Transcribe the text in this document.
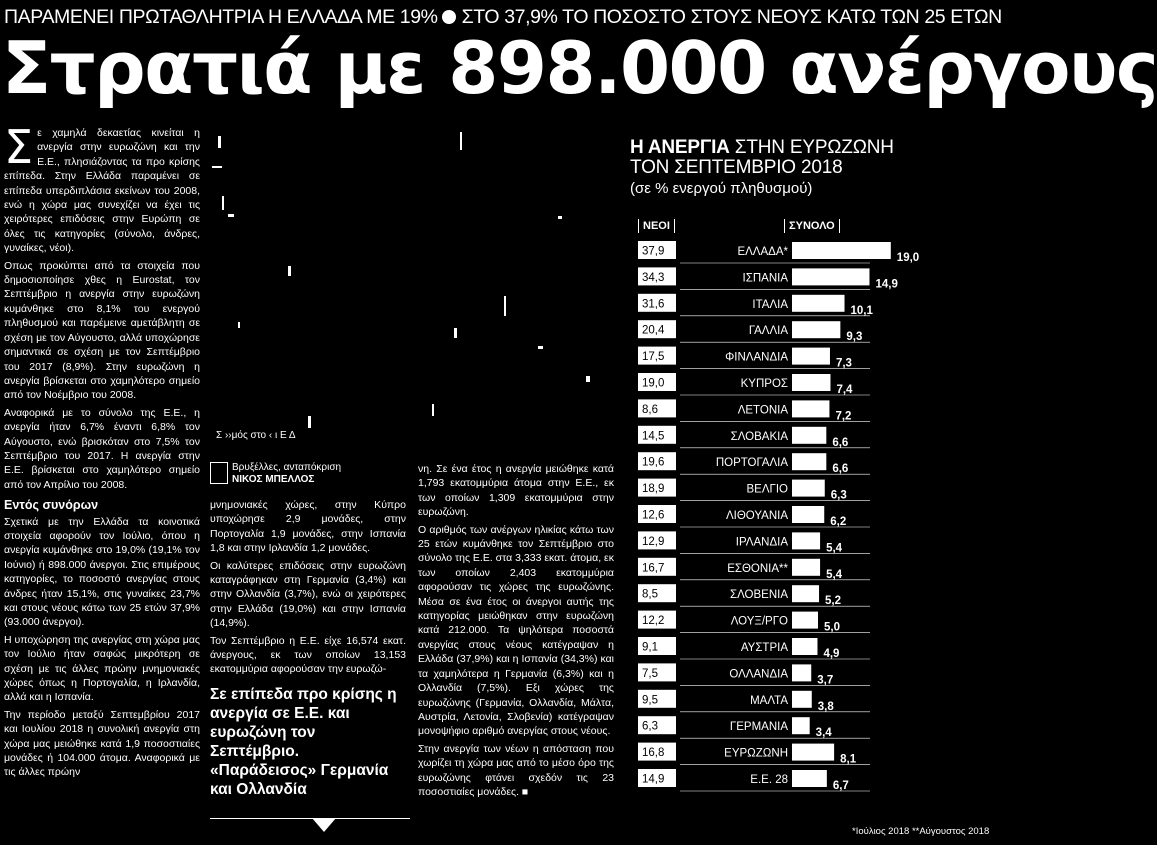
ΠΑΡΑΜΕΝΕΙ ΠΡΩΤΑΘΛΗΤΡΙΑ Η ΕΛΛΑΔΑ ΜΕ 19% ΣΤΟ 37,9% ΤΟ ΠΟΣΟΣΤΟ ΣΤΟΥΣ ΝΕΟΥΣ ΚΑΤΩ ΤΩΝ 25 ΕΤΩΝ
Στρατιά με 898.000 ανέργους
Σ ε χαμηλά δεκαετίας κινείται η ανεργία στην ευρωζώνη και την Ε.Ε., πλησιάζοντας τα προ κρίσης επίπεδα. Στην Ελλάδα παραμένει σε επίπεδα υπερδιπλάσια εκείνων του 2008, ενώ η χώρα μας συνεχίζει να έχει τις χειρότερες επιδόσεις στην Ευρώπη σε όλες τις κατηγορίες (σύνολο, άνδρες, γυναίκες, νέοι).

Οπως προκύπτει από τα στοιχεία που δημοσιοποίησε χθες η Eurostat, τον Σεπτέμβριο η ανεργία στην ευρωζώνη κυμάνθηκε στο 8,1% του ενεργού πληθυσμού και παρέμεινε αμετάβλητη σε σχέση με τον Αύγουστο, αλλά υποχώρησε σημαντικά σε σχέση με τον Σεπτέμβριο του 2017 (8,9%). Στην ευρωζώνη η ανεργία βρίσκεται στο χαμηλότερο σημείο από τον Νοέμβριο του 2008.

Αναφορικά με το σύνολο της Ε.Ε., η ανεργία ήταν 6,7% έναντι 6,8% τον Αύγουστο, ενώ βρισκόταν στο 7,5% τον Σεπτέμβριο του 2017. Η ανεργία στην Ε.Ε. βρίσκεται στο χαμηλότερο σημείο από τον Απρίλιο του 2008.

Εντός συνόρων

Σχετικά με την Ελλάδα τα κοινοτικά στοιχεία αφορούν τον Ιούλιο, όπου η ανεργία κυμάνθηκε στο 19,0% (19,1% τον Ιούνιο) ή 898.000 άνεργοι. Στις επιμέρους κατηγορίες, το ποσοστό ανεργίας στους άνδρες ήταν 15,1%, στις γυναίκες 23,7% και στους νέους κάτω των 25 ετών 37,9% (93.000 άνεργοι).

Η υποχώρηση της ανεργίας στη χώρα μας τον Ιούλιο ήταν σαφώς μικρότερη σε σχέση με τις άλλες πρώην μνημονιακές χώρες όπως η Πορτογαλία, η Ιρλανδία, αλλά και η Ισπανία.

Την περίοδο μεταξύ Σεπτεμβρίου 2017 και Ιουλίου 2018 η συνολική ανεργία στη χώρα μας μειώθηκε κατά 1,9 ποσοστιαίες μονάδες ή 104.000 άτομα. Αναφορικά με τις άλλες πρώην

Σ ››μός στο ‹ ι Ε Δ
Βρυξέλλες, ανταπόκριση
ΝΙΚΟΣ ΜΠΕΛΛΟΣ

μνημονιακές χώρες, στην Κύπρο υποχώρησε 2,9 μονάδες, στην Πορτογαλία 1,9 μονάδες, στην Ισπανία 1,8 και στην Ιρλανδία 1,2 μονάδες.

Οι καλύτερες επιδόσεις στην ευρωζώνη καταγράφηκαν στη Γερμανία (3,4%) και στην Ολλανδία (3,7%), ενώ οι χειρότερες στην Ελλάδα (19,0%) και στην Ισπανία (14,9%).

Τον Σεπτέμβριο η Ε.Ε. είχε 16,574 εκατ. άνεργους, εκ των οποίων 13,153 εκατομμύρια αφορούσαν την ευρωζώ-

Σε επίπεδα προ κρίσης η ανεργία σε Ε.Ε. και ευρωζώνη τον Σεπτέμβριο. «Παράδεισος» Γερμανία και Ολλανδία

νη. Σε ένα έτος η ανεργία μειώθηκε κατά 1,793 εκατομμύρια άτομα στην Ε.Ε., εκ των οποίων 1,309 εκατομμύρια στην ευρωζώνη.

Ο αριθμός των ανέργων ηλικίας κάτω των 25 ετών κυμάνθηκε τον Σεπτέμβριο στο σύνολο της Ε.Ε. στα 3,333 εκατ. άτομα, εκ των οποίων 2,403 εκατομμύρια αφορούσαν τις χώρες της ευρωζώνης. Μέσα σε ένα έτος οι άνεργοι αυτής της κατηγορίας μειώθηκαν στην ευρωζώνη κατά 212.000. Τα ψηλότερα ποσοστά ανεργίας στους νέους κατέγραψαν η Ελλάδα (37,9%) και η Ισπανία (34,3%) και τα χαμηλότερα η Γερμανία (6,3%) και η Ολλανδία (7,5%). Εξι χώρες της ευρωζώνης (Γερμανία, Ολλανδία, Μάλτα, Αυστρία, Λετονία, Σλοβενία) κατέγραψαν μονοψήφιο αριθμό ανεργίας στους νέους.

Στην ανεργία των νέων η απόσταση που χωρίζει τη χώρα μας από το μέσο όρο της ευρωζώνης φτάνει σχεδόν τις 23 ποσοστιαίες μονάδες. ■

Η ΑΝΕΡΓΙΑ ΣΤΗΝ ΕΥΡΩΖΩΝΗ
ΤΟΝ ΣΕΠΤΕΜΒΡΙΟ 2018
(σε % ενεργού πληθυσμού)
ΝΕΟΙ	ΣΥΝΟΛΟ
37,9	ΕΛΛΑΔΑ*	19,0
34,3	ΙΣΠΑΝΙΑ	14,9
31,6	ΙΤΑΛΙΑ	10,1
20,4	ΓΑΛΛΙΑ	9,3
17,5	ΦΙΝΛΑΝΔΙΑ	7,3
19,0	ΚΥΠΡΟΣ	7,4
8,6	ΛΕΤΟΝΙΑ	7,2
14,5	ΣΛΟΒΑΚΙΑ	6,6
19,6	ΠΟΡΤΟΓΑΛΙΑ	6,6
18,9	ΒΕΛΓΙΟ	6,3
12,6	ΛΙΘΟΥΑΝΙΑ	6,2
12,9	ΙΡΛΑΝΔΙΑ	5,4
16,7	ΕΣΘΟΝΙΑ**	5,4
8,5	ΣΛΟΒΕΝΙΑ	5,2
12,2	ΛΟΥΞ/ΡΓΟ	5,0
9,1	ΑΥΣΤΡΙΑ	4,9
7,5	ΟΛΛΑΝΔΙΑ	3,7
9,5	ΜΑΛΤΑ	3,8
6,3	ΓΕΡΜΑΝΙΑ 3,4
16,8	ΕΥΡΩΖΩΝΗ	8,1
14,9	Ε.Ε. 28	6,7
*Ιούλιος 2018 **Αύγουστος 2018
